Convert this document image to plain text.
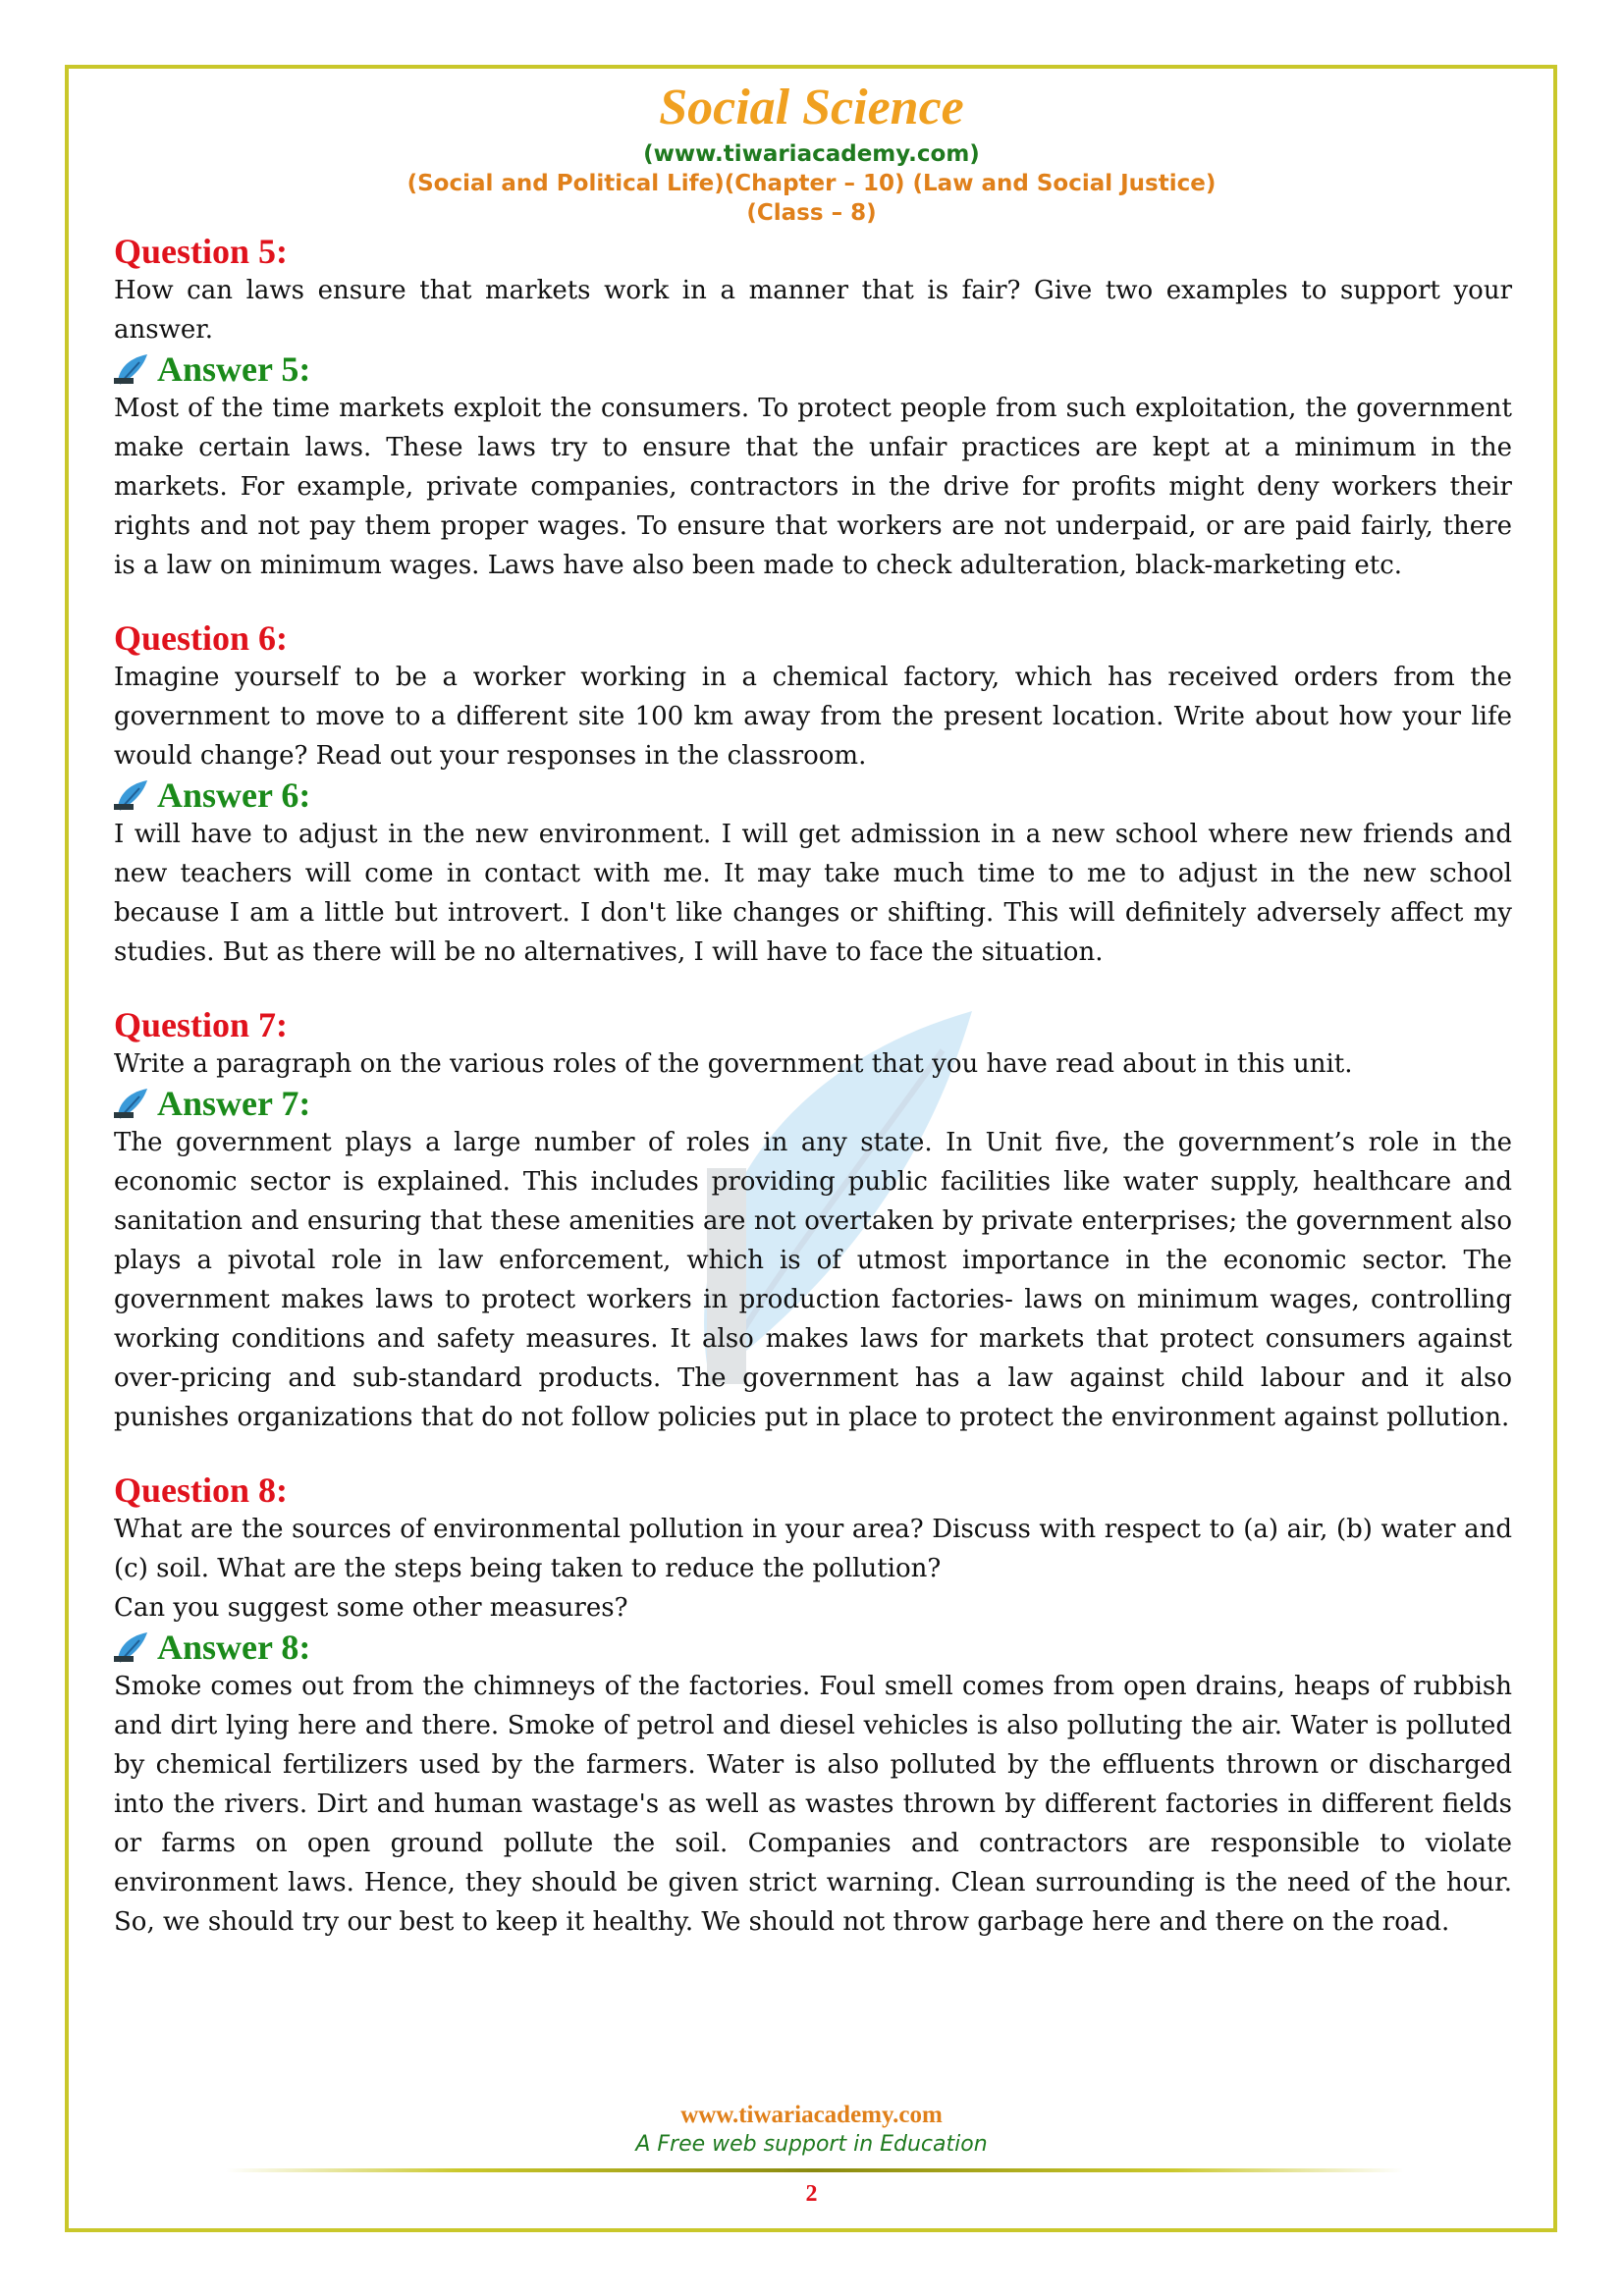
Social Science
(www.tiwariacademy.com)
(Social and Political Life)(Chapter – 10) (Law and Social Justice)
(Class – 8)

Question 5:

How can laws ensure that markets work in a manner that is fair? Give two examples to support your answer.

Answer 5:

Most of the time markets exploit the consumers. To protect people from such exploitation, the government make certain laws. These laws try to ensure that the unfair practices are kept at a minimum in the markets. For example, private companies, contractors in the drive for profits might deny workers their rights and not pay them proper wages. To ensure that workers are not underpaid, or are paid fairly, there is a law on minimum wages. Laws have also been made to check adulteration, black-marketing etc.

Question 6:

Imagine yourself to be a worker working in a chemical factory, which has received orders from the government to move to a different site 100 km away from the present location. Write about how your life would change? Read out your responses in the classroom.

Answer 6:

I will have to adjust in the new environment. I will get admission in a new school where new friends and new teachers will come in contact with me. It may take much time to me to adjust in the new school because I am a little but introvert. I don't like changes or shifting. This will definitely adversely affect my studies. But as there will be no alternatives, I will have to face the situation.

Question 7:

Write a paragraph on the various roles of the government that you have read about in this unit.

Answer 7:

The government plays a large number of roles in any state. In Unit five, the government’s role in the economic sector is explained. This includes providing public facilities like water supply, healthcare and sanitation and ensuring that these amenities are not overtaken by private enterprises; the government also plays a pivotal role in law enforcement, which is of utmost importance in the economic sector. The government makes laws to protect workers in production factories- laws on minimum wages, controlling working conditions and safety measures. It also makes laws for markets that protect consumers against over-pricing and sub-standard products. The government has a law against child labour and it also punishes organizations that do not follow policies put in place to protect the environment against pollution.

Question 8:

What are the sources of environmental pollution in your area? Discuss with respect to (a) air, (b) water and (c) soil. What are the steps being taken to reduce the pollution?

Can you suggest some other measures?

Answer 8:

Smoke comes out from the chimneys of the factories. Foul smell comes from open drains, heaps of rubbish and dirt lying here and there. Smoke of petrol and diesel vehicles is also polluting the air. Water is polluted by chemical fertilizers used by the farmers. Water is also polluted by the effluents thrown or discharged into the rivers. Dirt and human wastage's as well as wastes thrown by different factories in different fields or farms on open ground pollute the soil. Companies and contractors are responsible to violate environment laws. Hence, they should be given strict warning. Clean surrounding is the need of the hour. So, we should try our best to keep it healthy. We should not throw garbage here and there on the road.

www.tiwariacademy.com
A Free web support in Education
2
